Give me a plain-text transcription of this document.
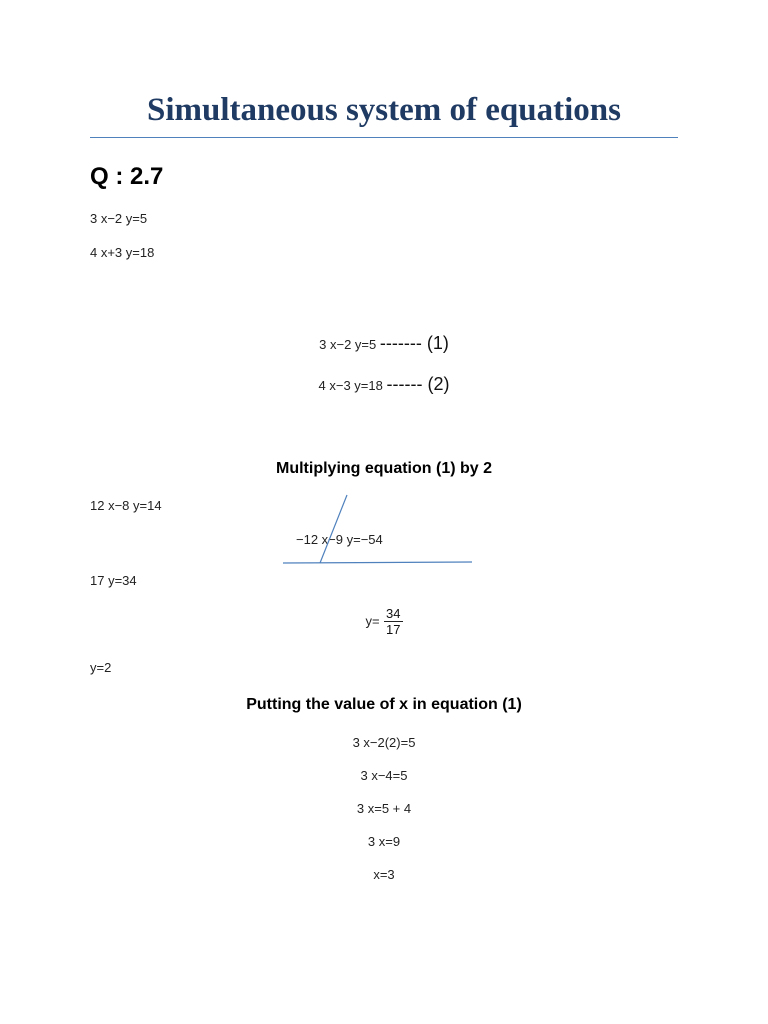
Simultaneous system of equations
Q : 2.7
3 x−2 y=5
4 x+3 y=18
3 x−2 y=5 ------- (1)
4 x−3 y=18 ------ (2)
Multiplying equation (1) by 2
12 x−8 y=14
−12 x−9 y=−54
17 y=34
$y= \frac{34}{17}$
y=2
Putting the value of x in equation (1)
3 x−2(2)=5
3 x−4=5
3 x=5 + 4
3 x=9
x=3
